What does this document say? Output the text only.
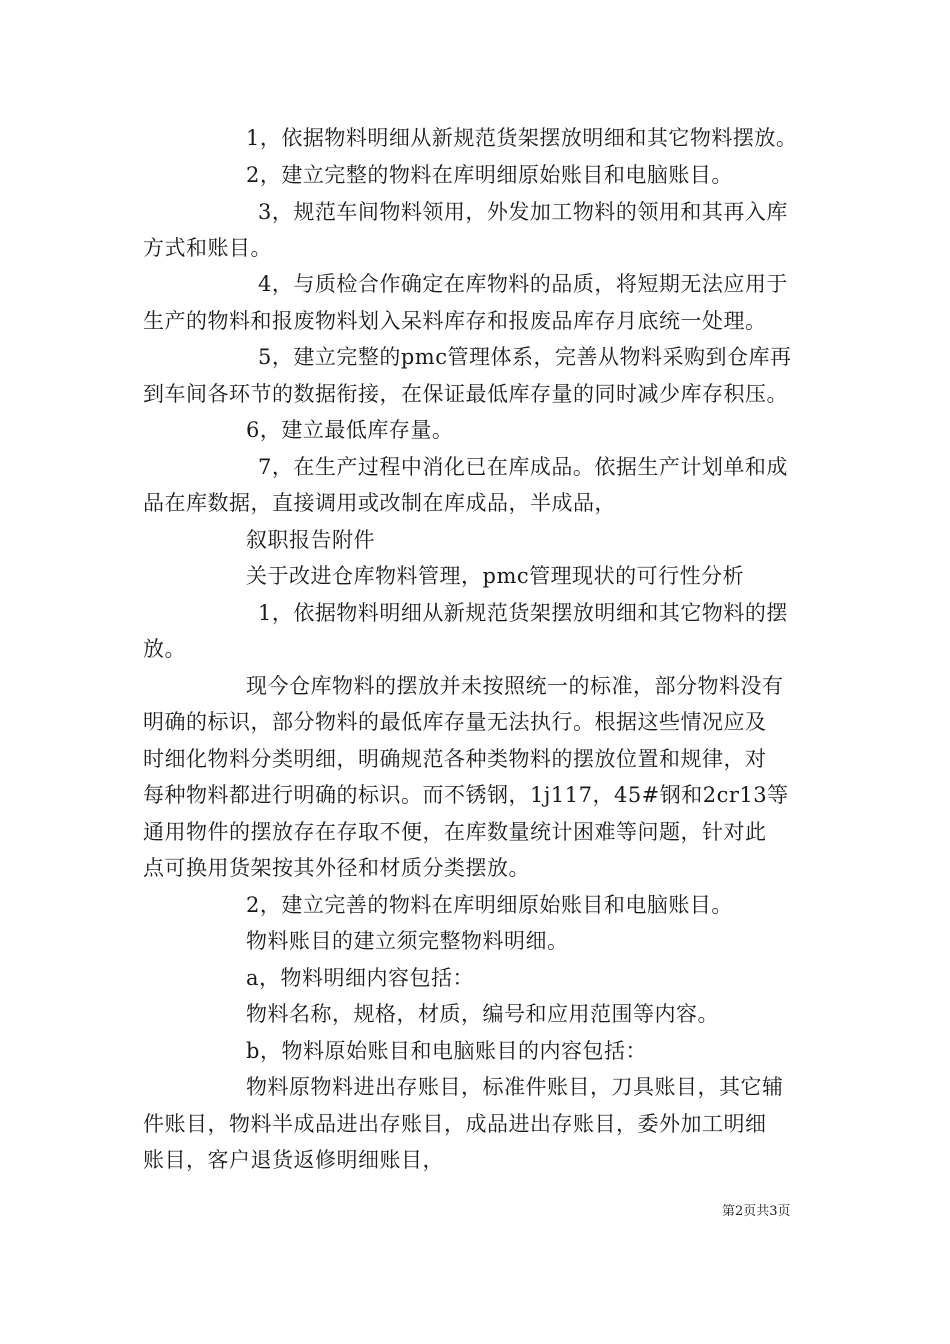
1，依据物料明细从新规范货架摆放明细和其它物料摆放。
2，建立完整的物料在库明细原始账目和电脑账目。
3，规范车间物料领用，外发加工物料的领用和其再入库
方式和账目。
4，与质检合作确定在库物料的品质，将短期无法应用于
生产的物料和报废物料划入呆料库存和报废品库存月底统一处理。
5，建立完整的pmc管理体系，完善从物料采购到仓库再
到车间各环节的数据衔接，在保证最低库存量的同时减少库存积压。
6，建立最低库存量。
7，在生产过程中消化已在库成品。依据生产计划单和成
品在库数据，直接调用或改制在库成品，半成品，
叙职报告附件
关于改进仓库物料管理，pmc管理现状的可行性分析
1，依据物料明细从新规范货架摆放明细和其它物料的摆
放。
现今仓库物料的摆放并未按照统一的标准，部分物料没有
明确的标识，部分物料的最低库存量无法执行。根据这些情况应及
时细化物料分类明细，明确规范各种类物料的摆放位置和规律，对
每种物料都进行明确的标识。而不锈钢，1j117，45#钢和2cr13等
通用物件的摆放存在存取不便，在库数量统计困难等问题，针对此
点可换用货架按其外径和材质分类摆放。
2，建立完善的物料在库明细原始账目和电脑账目。
物料账目的建立须完整物料明细。
a，物料明细内容包括：
物料名称，规格，材质，编号和应用范围等内容。
b，物料原始账目和电脑账目的内容包括：
物料原物料进出存账目，标准件账目，刀具账目，其它辅
件账目，物料半成品进出存账目，成品进出存账目，委外加工明细
账目，客户退货返修明细账目，
第2页共3页
